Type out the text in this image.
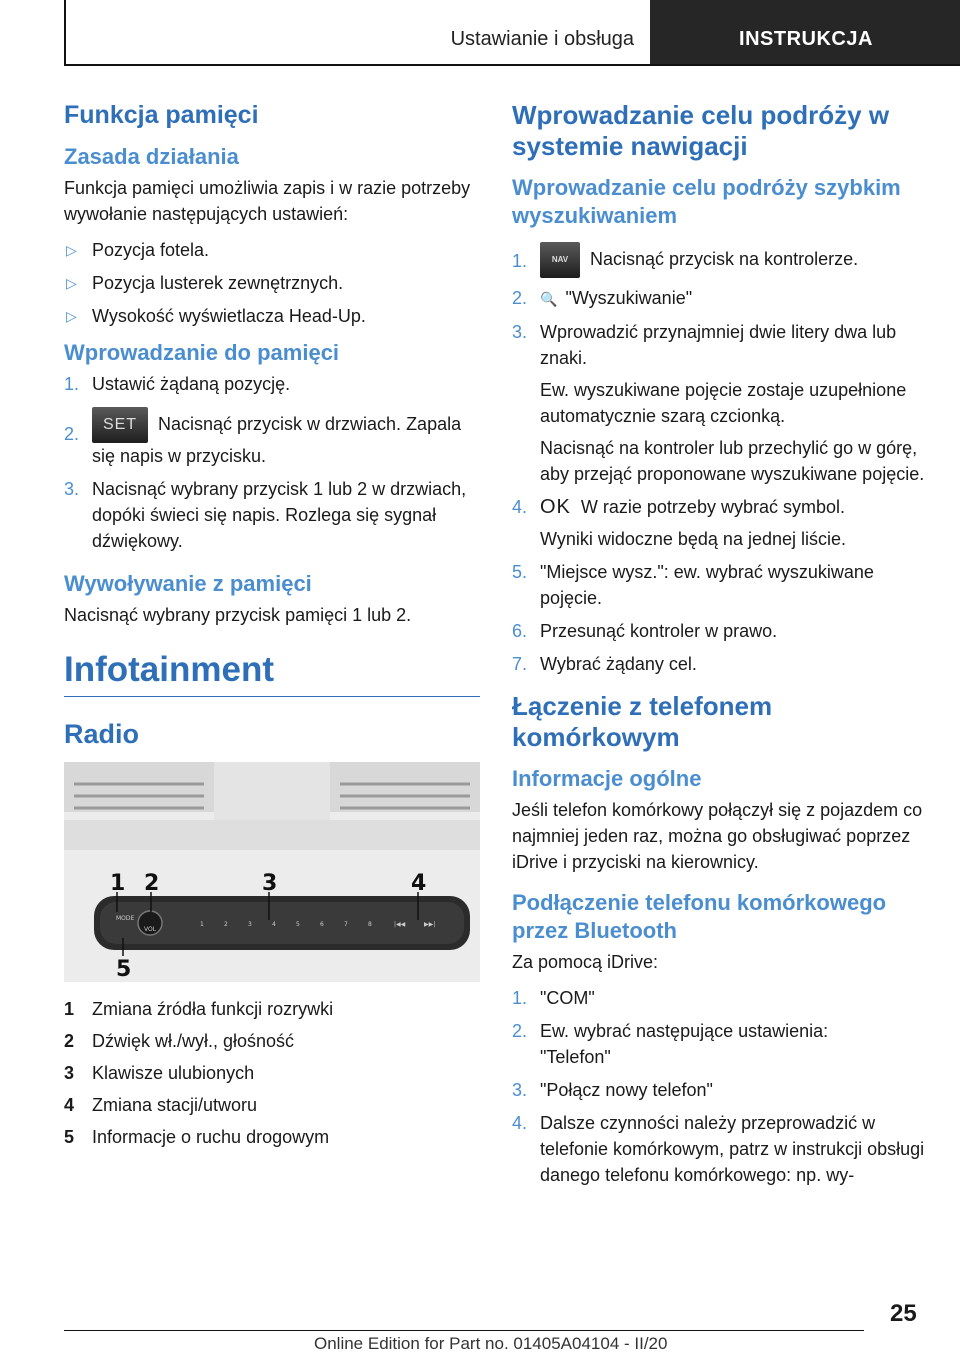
Ustawianie i obsługa	INSTRUKCJA
Funkcja pamięci
Zasada działania

Funkcja pamięci umożliwia zapis i w razie potrzeby wywołanie następujących ustawień:

▷ Pozycja fotela.
▷ Pozycja lusterek zewnętrznych.
▷ Wysokość wyświetlacza Head-Up.
Wprowadzanie do pamięci
1. Ustawić żądaną pozycję.
2. SET Nacisnąć przycisk w drzwiach. Zapala się napis w przycisku.
3. Nacisnąć wybrany przycisk 1 lub 2 w drzwiach, dopóki świeci się napis. Rozlega się sygnał dźwiękowy.
Wywoływanie z pamięci

Nacisnąć wybrany przycisk pamięci 1 lub 2.

Infotainment
Radio
MODE
VOL
1	2	3	4	5	6	7	8	|◀◀	▶▶|
1 2	3	4
5
1 Zmiana źródła funkcji rozrywki
2 Dźwięk wł./wył., głośność
3 Klawisze ulubionych
4 Zmiana stacji/utworu
5 Informacje o ruchu drogowym
Wprowadzanie celu podróży w systemie nawigacji
Wprowadzanie celu podróży szybkim wyszukiwaniem
1.	NAV Nacisnąć przycisk na kontrolerze.
2. 🔍 "Wyszukiwanie"
3. Wprowadzić przynajmniej dwie litery dwa lub znaki.
Ew. wyszukiwane pojęcie zostaje uzupełnione automatycznie szarą czcionką.
Nacisnąć na kontroler lub przechylić go w górę, aby przejąć proponowane wyszukiwane pojęcie.
4. OK W razie potrzeby wybrać symbol.
Wyniki widoczne będą na jednej liście.
5. "Miejsce wysz.": ew. wybrać wyszukiwane pojęcie.
6. Przesunąć kontroler w prawo.
7. Wybrać żądany cel.
Łączenie z telefonem komórkowym
Informacje ogólne

Jeśli telefon komórkowy połączył się z pojazdem co najmniej jeden raz, można go obsługiwać poprzez iDrive i przyciski na kierownicy.

Podłączenie telefonu komórkowego przez Bluetooth

Za pomocą iDrive:

1. "COM"
2. Ew. wybrać następujące ustawienia:
"Telefon"
3. "Połącz nowy telefon"
4. Dalsze czynności należy przeprowadzić w telefonie komórkowym, patrz w instrukcji obsługi danego telefonu komórkowego: np. wy-
25
Online Edition for Part no. 01405A04104 - II/20
